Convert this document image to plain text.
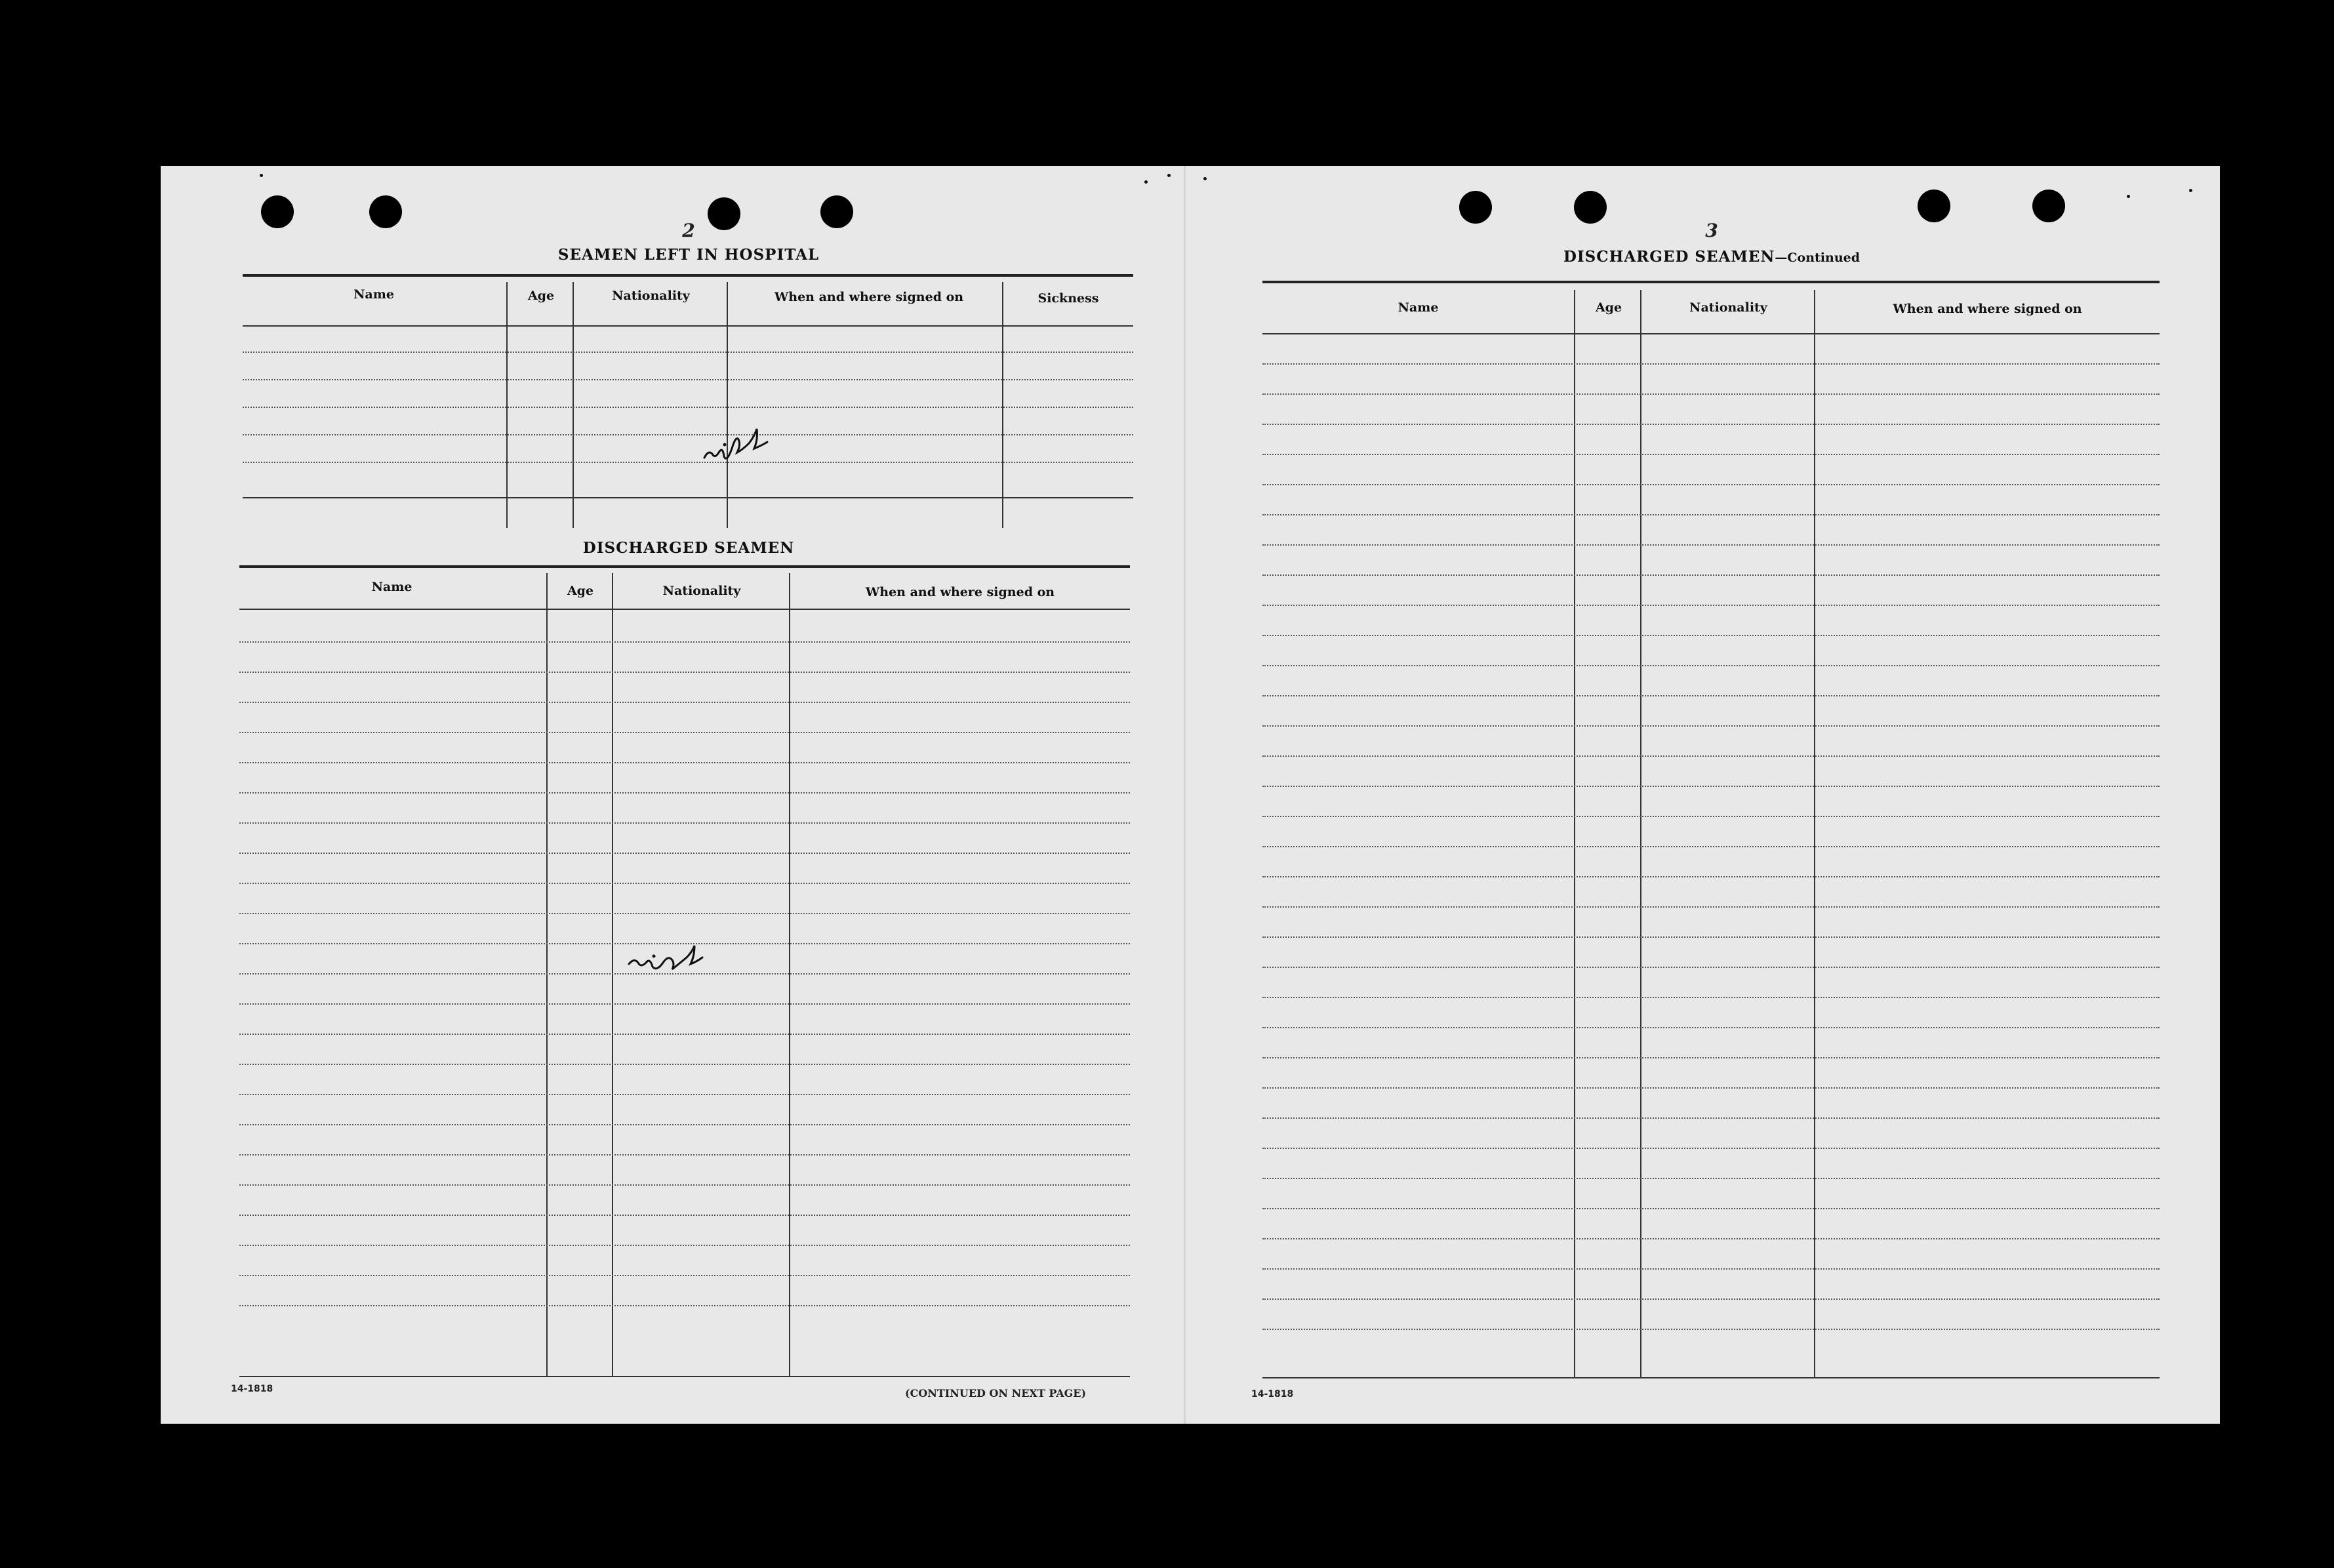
2
SEAMEN LEFT IN HOSPITAL
Name	Age	Nationality	When and where signed on	Sickness
DISCHARGED SEAMEN
Name	Age	Nationality	When and where signed on
14-1818	(CONTINUED ON NEXT PAGE)
3
DISCHARGED SEAMEN—Continued
Name	Age	Nationality	When and where signed on
14-1818
